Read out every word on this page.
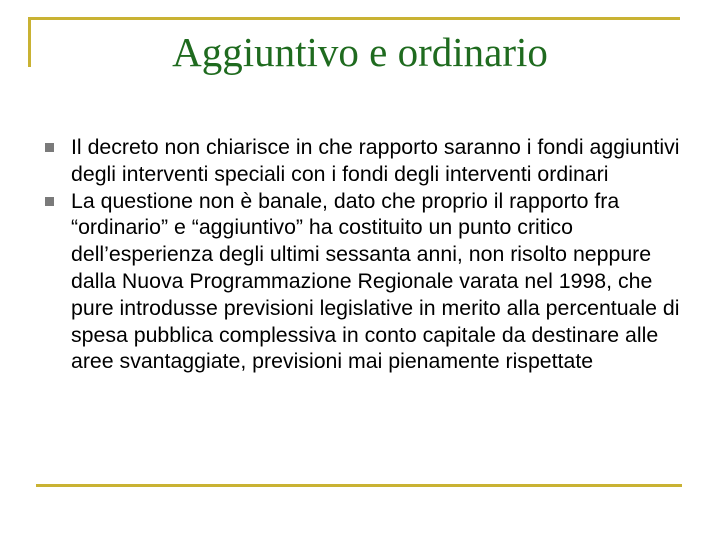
Aggiuntivo e ordinario
Il decreto non chiarisce in che rapporto saranno i fondi aggiuntivi degli interventi speciali con i fondi degli interventi ordinari
La questione non è banale, dato che proprio il rapporto fra “ordinario” e “aggiuntivo” ha costituito un punto critico dell’esperienza degli ultimi sessanta anni, non risolto neppure dalla Nuova Programmazione Regionale varata nel 1998, che pure introdusse previsioni legislative in merito alla percentuale di spesa pubblica complessiva in conto capitale da destinare alle aree svantaggiate, previsioni mai pienamente rispettate
